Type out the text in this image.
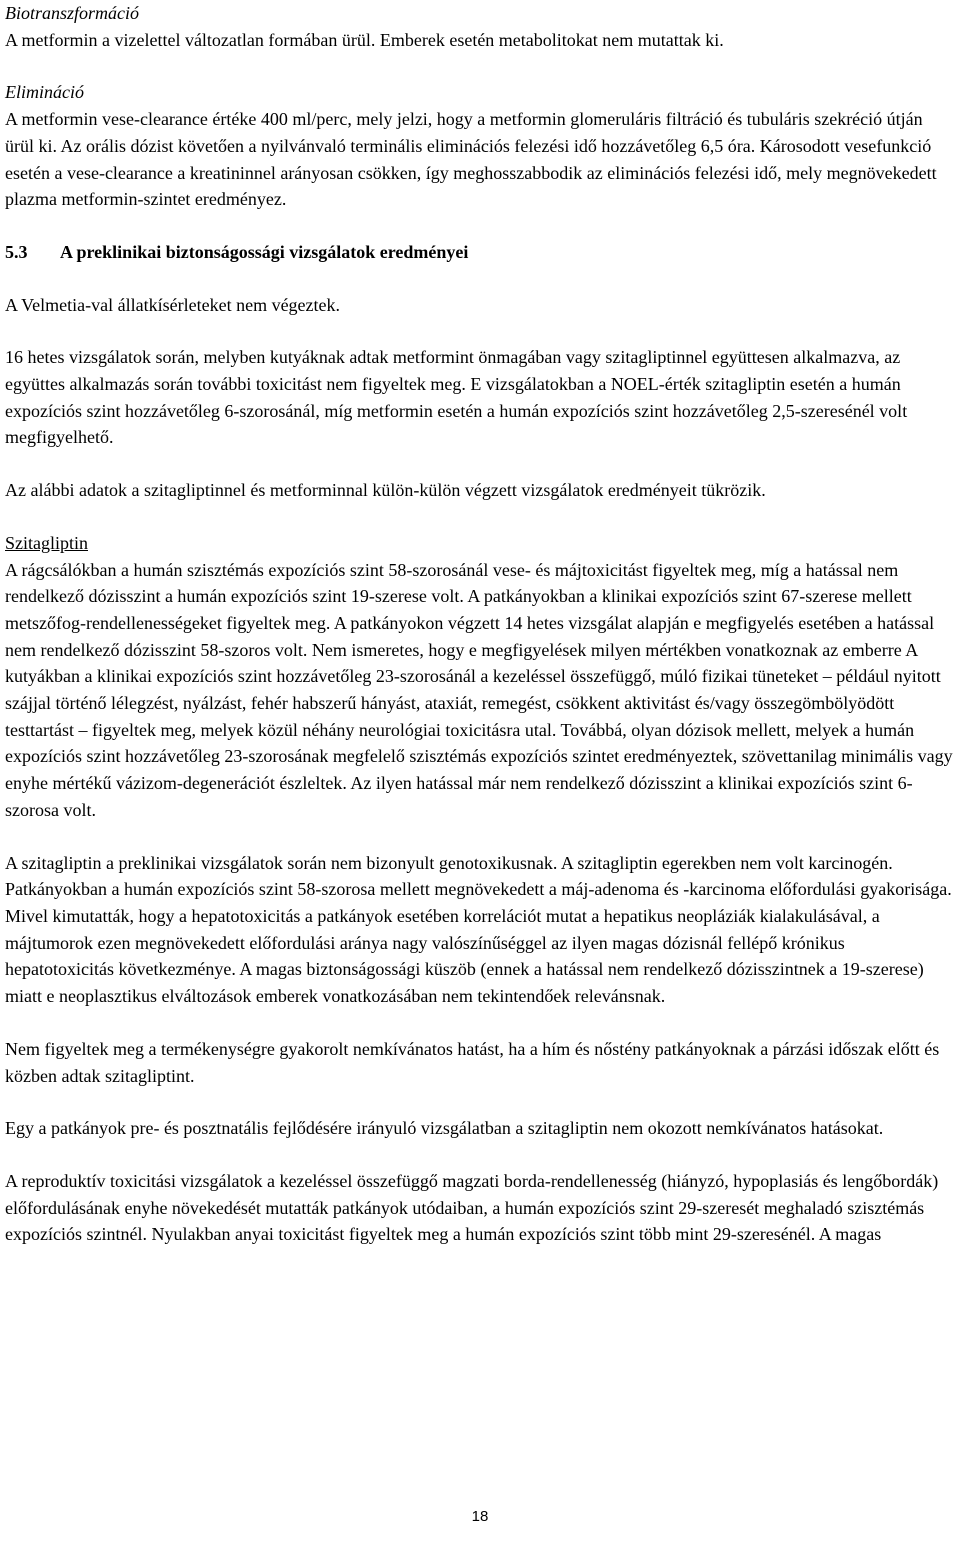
Biotranszformáció

A metformin a vizelettel változatlan formában ürül. Emberek esetén metabolitokat nem mutattak ki.

Elimináció

A metformin vese-clearance értéke 400 ml/perc, mely jelzi, hogy a metformin glomeruláris filtráció és tubuláris szekréció útján ürül ki. Az orális dózist követően a nyilvánvaló terminális eliminációs felezési idő hozzávetőleg 6,5 óra. Károsodott vesefunkció esetén a vese-clearance a kreatininnel arányosan csökken, így meghosszabbodik az eliminációs felezési idő, mely megnövekedett plazma metformin-szintet eredményez.

5.3 A preklinikai biztonságossági vizsgálatok eredményei

A Velmetia-val állatkísérleteket nem végeztek.

16 hetes vizsgálatok során, melyben kutyáknak adtak metformint önmagában vagy szitagliptinnel együttesen alkalmazva, az együttes alkalmazás során további toxicitást nem figyeltek meg. E vizsgálatokban a NOEL-érték szitagliptin esetén a humán expozíciós szint hozzávetőleg 6-szorosánál, míg metformin esetén a humán expozíciós szint hozzávetőleg 2,5-szeresénél volt megfigyelhető.

Az alábbi adatok a szitagliptinnel és metforminnal külön-külön végzett vizsgálatok eredményeit tükrözik.

Szitagliptin

A rágcsálókban a humán szisztémás expozíciós szint 58-szorosánál vese- és májtoxicitást figyeltek meg, míg a hatással nem rendelkező dózisszint a humán expozíciós szint 19-szerese volt. A patkányokban a klinikai expozíciós szint 67-szerese mellett metszőfog-rendellenességeket figyeltek meg. A patkányokon végzett 14 hetes vizsgálat alapján e megfigyelés esetében a hatással nem rendelkező dózisszint 58-szoros volt. Nem ismeretes, hogy e megfigyelések milyen mértékben vonatkoznak az emberre A kutyákban a klinikai expozíciós szint hozzávetőleg 23-szorosánál a kezeléssel összefüggő, múló fizikai tüneteket – például nyitott szájjal történő lélegzést, nyálzást, fehér habszerű hányást, ataxiát, remegést, csökkent aktivitást és/vagy összegömbölyödött testtartást – figyeltek meg, melyek közül néhány neurológiai toxicitásra utal. Továbbá, olyan dózisok mellett, melyek a humán expozíciós szint hozzávetőleg 23-szorosának megfelelő szisztémás expozíciós szintet eredményeztek, szövettanilag minimális vagy enyhe mértékű vázizom-degenerációt észleltek. Az ilyen hatással már nem rendelkező dózisszint a klinikai expozíciós szint 6-szorosa volt.

A szitagliptin a preklinikai vizsgálatok során nem bizonyult genotoxikusnak. A szitagliptin egerekben nem volt karcinogén. Patkányokban a humán expozíciós szint 58-szorosa mellett megnövekedett a máj-adenoma és -karcinoma előfordulási gyakorisága. Mivel kimutatták, hogy a hepatotoxicitás a patkányok esetében korrelációt mutat a hepatikus neopláziák kialakulásával, a májtumorok ezen megnövekedett előfordulási aránya nagy valószínűséggel az ilyen magas dózisnál fellépő krónikus hepatotoxicitás következménye. A magas biztonságossági küszöb (ennek a hatással nem rendelkező dózisszintnek a 19-szerese) miatt e neoplasztikus elváltozások emberek vonatkozásában nem tekintendőek relevánsnak.

Nem figyeltek meg a termékenységre gyakorolt nemkívánatos hatást, ha a hím és nőstény patkányoknak a párzási időszak előtt és közben adtak szitagliptint.

Egy a patkányok pre- és posztnatális fejlődésére irányuló vizsgálatban a szitagliptin nem okozott nemkívánatos hatásokat.

A reproduktív toxicitási vizsgálatok a kezeléssel összefüggő magzati borda-rendellenesség (hiányzó, hypoplasiás és lengőbordák) előfordulásának enyhe növekedését mutatták patkányok utódaiban, a humán expozíciós szint 29-szeresét meghaladó szisztémás expozíciós szintnél. Nyulakban anyai toxicitást figyeltek meg a humán expozíciós szint több mint 29-szeresénél. A magas

18
